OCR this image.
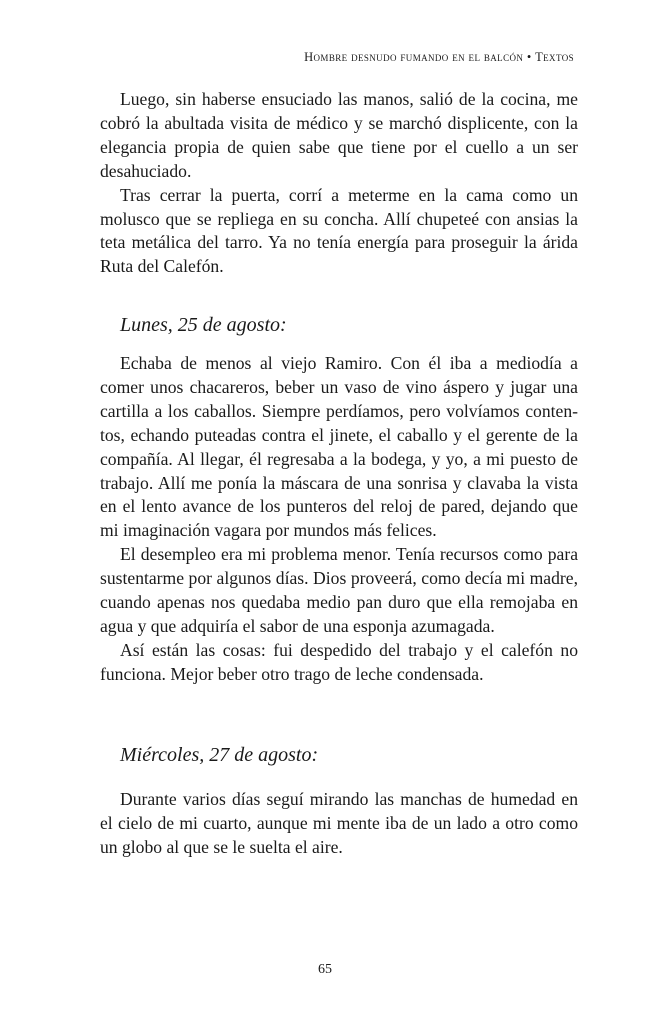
Hombre desnudo fumando en el balcón • Textos

Luego, sin haberse ensuciado las manos, salió de la cocina, me cobró la abultada visita de médico y se marchó displicente, con la elegancia propia de quien sabe que tiene por el cuello a un ser desahuciado.

Tras cerrar la puerta, corrí a meterme en la cama como un molusco que se repliega en su concha. Allí chupeteé con ansias la teta metálica del tarro. Ya no tenía energía para proseguir la árida Ruta del Calefón.

Lunes, 25 de agosto:

Echaba de menos al viejo Ramiro. Con él iba a mediodía a comer unos chacareros, beber un vaso de vino áspero y jugar una cartilla a los caballos. Siempre perdíamos, pero volvíamos contentos, echando puteadas contra el jinete, el caballo y el gerente de la compañía. Al llegar, él regresaba a la bodega, y yo, a mi puesto de trabajo. Allí me ponía la máscara de una sonrisa y clavaba la vista en el lento avance de los punteros del reloj de pared, dejando que mi imaginación vagara por mundos más felices.

El desempleo era mi problema menor. Tenía recursos como para sustentarme por algunos días. Dios proveerá, como decía mi madre, cuando apenas nos quedaba medio pan duro que ella remojaba en agua y que adquiría el sabor de una esponja azumagada.

Así están las cosas: fui despedido del trabajo y el calefón no funciona. Mejor beber otro trago de leche condensada.

Miércoles, 27 de agosto:

Durante varios días seguí mirando las manchas de humedad en el cielo de mi cuarto, aunque mi mente iba de un lado a otro como un globo al que se le suelta el aire.

65
